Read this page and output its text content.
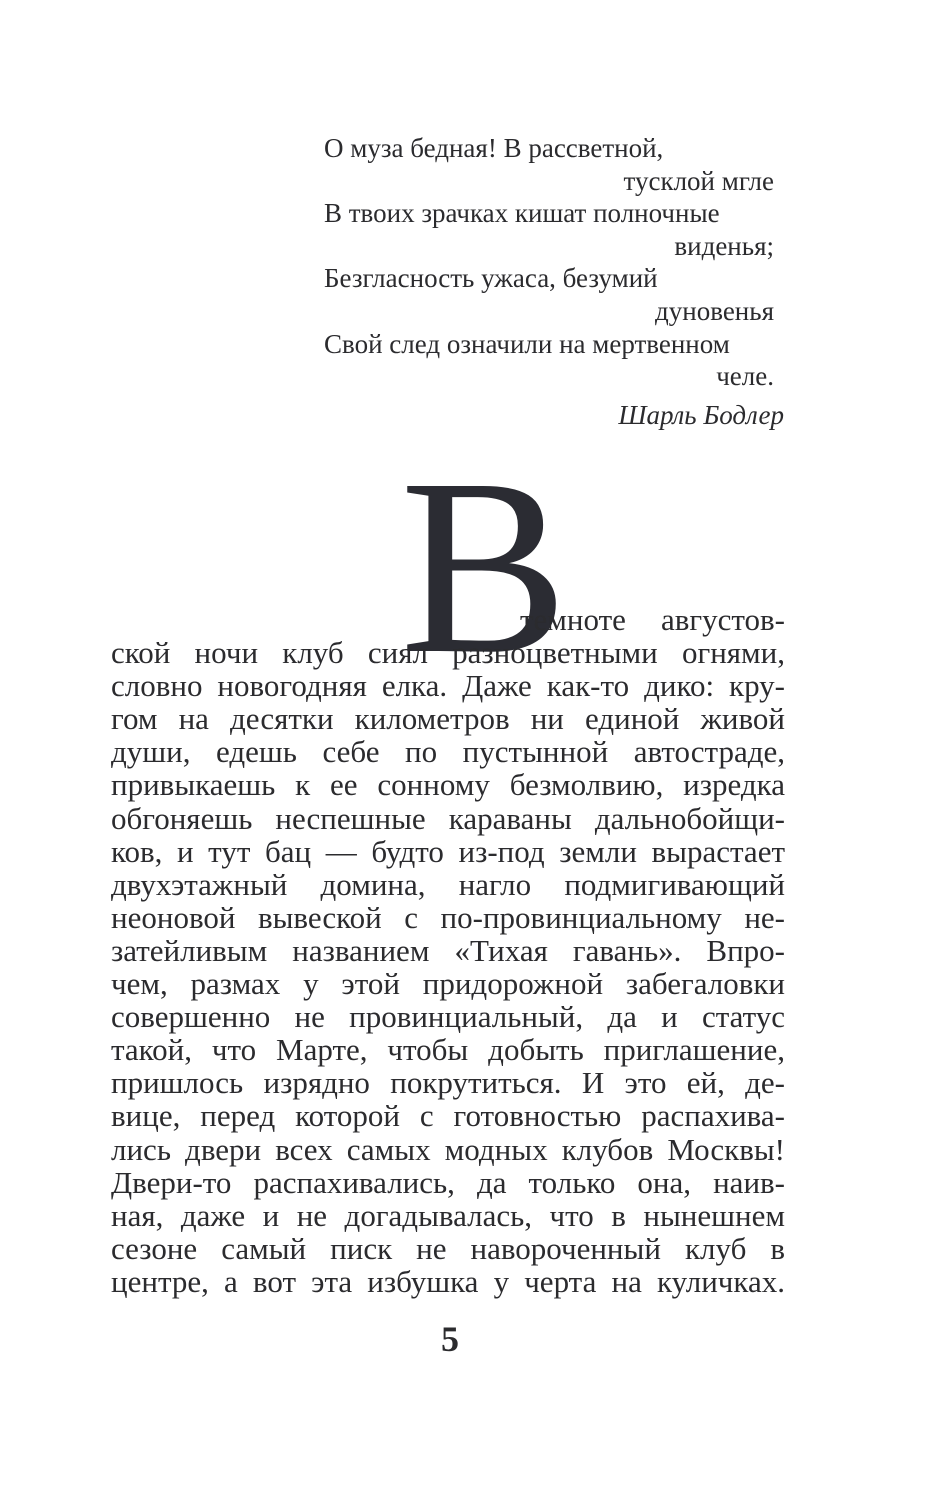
О муза бедная! В рассветной,

тусклой мгле

В твоих зрачках кишат полночные

виденья;

Безгласность ужаса, безумий

дуновенья

Свой след означили на мертвенном

челе.

Шарль Бодлер

В

темноте августов-

ской ночи клуб сиял разноцветными огнями,

словно новогодняя елка. Даже как-то дико: кру-

гом на десятки километров ни единой живой

души, едешь себе по пустынной автостраде,

привыкаешь к ее сонному безмолвию, изредка

обгоняешь неспешные караваны дальнобойщи-

ков, и тут бац — будто из-под земли вырастает

двухэтажный домина, нагло подмигивающий

неоновой вывеской с по-провинциальному не-

затейливым названием «Тихая гавань». Впро-

чем, размах у этой придорожной забегаловки

совершенно не провинциальный, да и статус

такой, что Марте, чтобы добыть приглашение,

пришлось изрядно покрутиться. И это ей, де-

вице, перед которой с готовностью распахива-

лись двери всех самых модных клубов Москвы!

Двери-то распахивались, да только она, наив-

ная, даже и не догадывалась, что в нынешнем

сезоне самый писк не навороченный клуб в

центре, а вот эта избушка у черта на куличках.

5
